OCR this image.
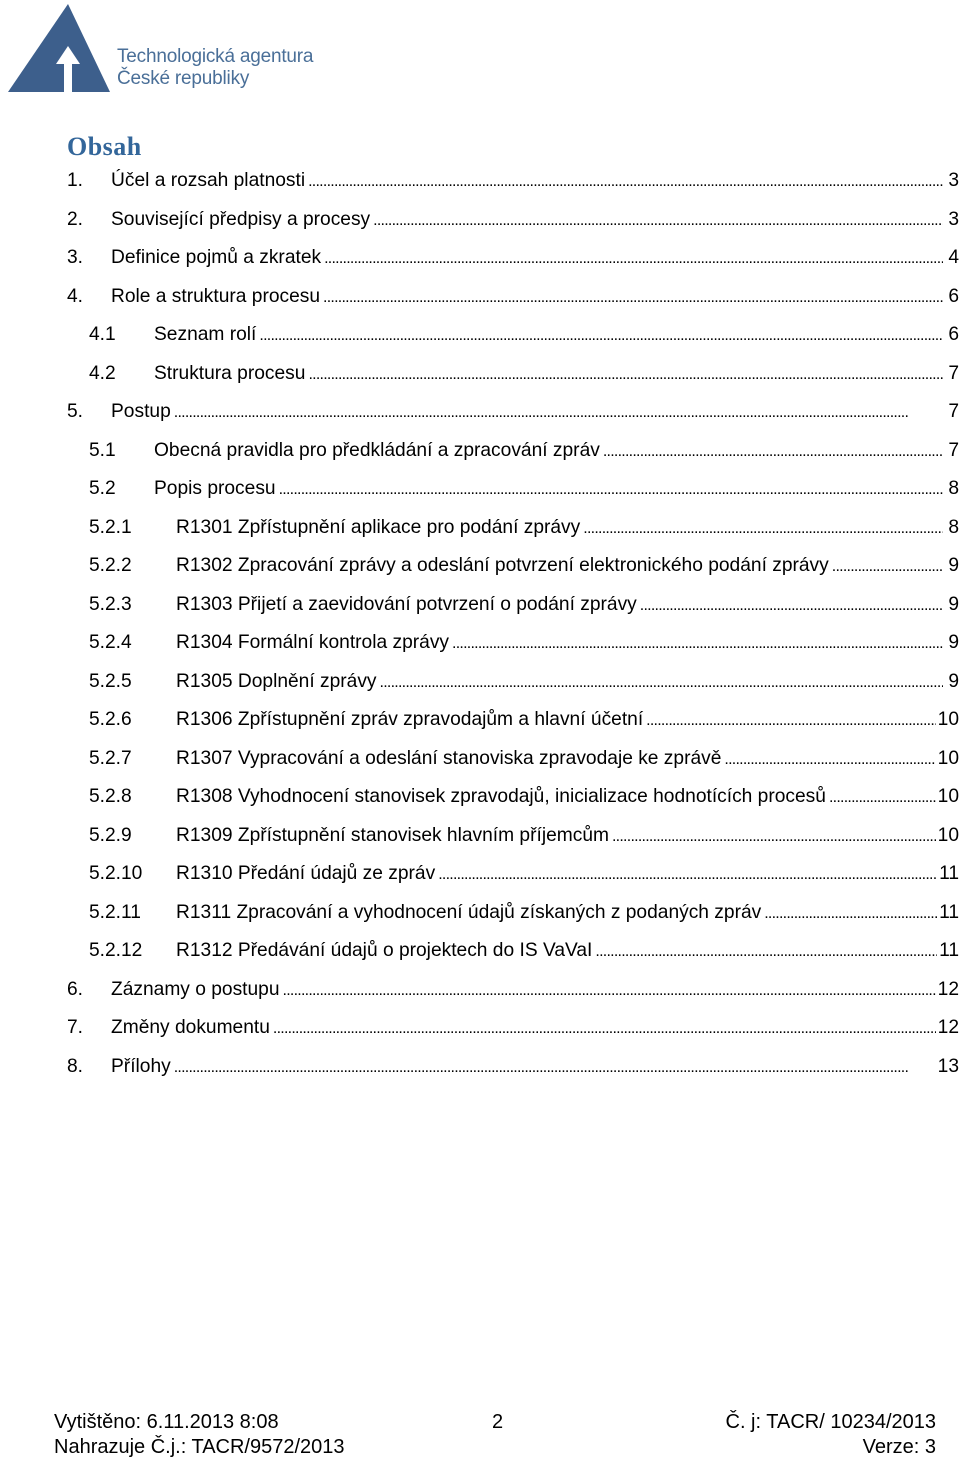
Technologická agentura
České republiky
Obsah
1.	Účel a rozsah platnosti . . .	3
2.	Související předpisy a procesy . . .	3
3.	Definice pojmů a zkratek . . .	4
4.	Role a struktura procesu . . .	6
4.1	Seznam rolí . . .	6
4.2	Struktura procesu . . .	7
5.	Postup . . .	7
5.1	Obecná pravidla pro předkládání a zpracování zpráv . . .	7
5.2	Popis procesu . . .	8
5.2.1	R1301 Zpřístupnění aplikace pro podání zprávy . . .	8
5.2.2	R1302 Zpracování zprávy a odeslání potvrzení elektronického podání zprávy . . .	9
5.2.3	R1303 Přijetí a zaevidování potvrzení o podání zprávy . . .	9
5.2.4	R1304 Formální kontrola zprávy . . .	9
5.2.5	R1305 Doplnění zprávy . . .	9
5.2.6	R1306 Zpřístupnění zpráv zpravodajům a hlavní účetní . . .	10
5.2.7	R1307 Vypracování a odeslání stanoviska zpravodaje ke zprávě . . .	10
5.2.8	R1308 Vyhodnocení stanovisek zpravodajů, inicializace hodnotících procesů . . .	10
5.2.9	R1309 Zpřístupnění stanovisek hlavním příjemcům . . .	10
5.2.10	R1310 Předání údajů ze zpráv . . .	11
5.2.11	R1311 Zpracování a vyhodnocení údajů získaných z podaných zpráv . . .	11
5.2.12	R1312 Předávání údajů o projektech do IS VaVaI . . .	11
6.	Záznamy o postupu . . .	12
7.	Změny dokumentu . . .	12
8.	Přílohy . . .	13
Vytištěno: 6.11.2013 8:08	2	Č. j: TACR/ 10234/2013
Nahrazuje Č.j.: TACR/9572/2013	Verze: 3
